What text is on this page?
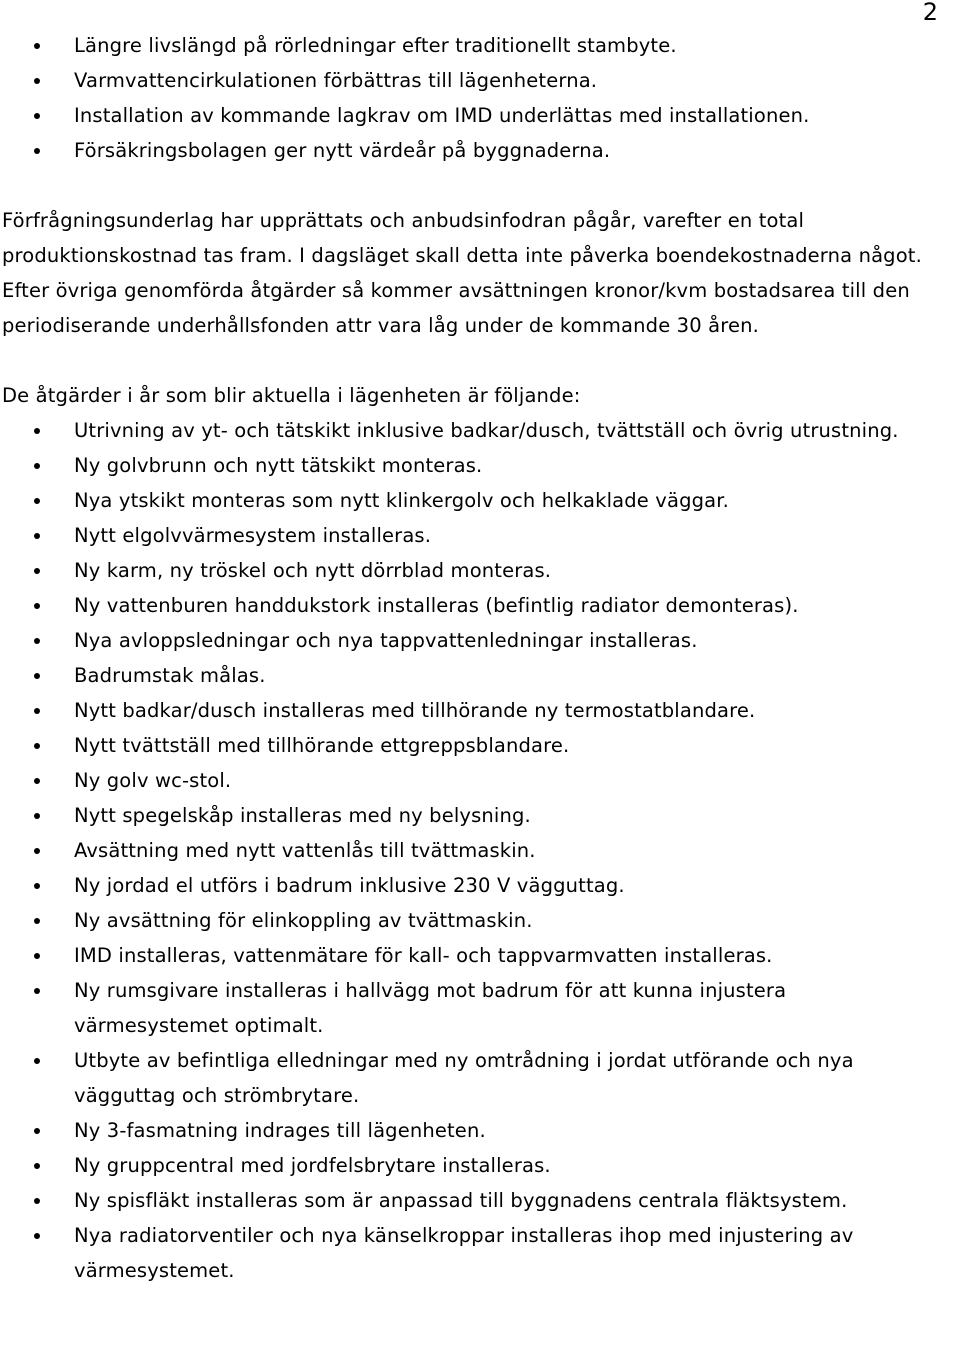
2
Längre livslängd på rörledningar efter traditionellt stambyte.
Varmvattencirkulationen förbättras till lägenheterna.
Installation av kommande lagkrav om IMD underlättas med installationen.
Försäkringsbolagen ger nytt värdeår på byggnaderna.

Förfrågningsunderlag har upprättats och anbudsinfodran pågår, varefter en total produktionskostnad tas fram. I dagsläget skall detta inte påverka boendekostnaderna något.

Efter övriga genomförda åtgärder så kommer avsättningen kronor/kvm bostadsarea till den periodiserande underhållsfonden attr vara låg under de kommande 30 åren.

De åtgärder i år som blir aktuella i lägenheten är följande:

Utrivning av yt- och tätskikt inklusive badkar/dusch, tvättställ och övrig utrustning.
Ny golvbrunn och nytt tätskikt monteras.
Nya ytskikt monteras som nytt klinkergolv och helkaklade väggar.
Nytt elgolvvärmesystem installeras.
Ny karm, ny tröskel och nytt dörrblad monteras.
Ny vattenburen handdukstork installeras (befintlig radiator demonteras).
Nya avloppsledningar och nya tappvattenledningar installeras.
Badrumstak målas.
Nytt badkar/dusch installeras med tillhörande ny termostatblandare.
Nytt tvättställ med tillhörande ettgreppsblandare.
Ny golv wc-stol.
Nytt spegelskåp installeras med ny belysning.
Avsättning med nytt vattenlås till tvättmaskin.
Ny jordad el utförs i badrum inklusive 230 V vägguttag.
Ny avsättning för elinkoppling av tvättmaskin.
IMD installeras, vattenmätare för kall- och tappvarmvatten installeras.
Ny rumsgivare installeras i hallvägg mot badrum för att kunna injustera värmesystemet optimalt.
Utbyte av befintliga elledningar med ny omtrådning i jordat utförande och nya vägguttag och strömbrytare.
Ny 3-fasmatning indrages till lägenheten.
Ny gruppcentral med jordfelsbrytare installeras.
Ny spisfläkt installeras som är anpassad till byggnadens centrala fläktsystem.
Nya radiatorventiler och nya känselkroppar installeras ihop med injustering av värmesystemet.
